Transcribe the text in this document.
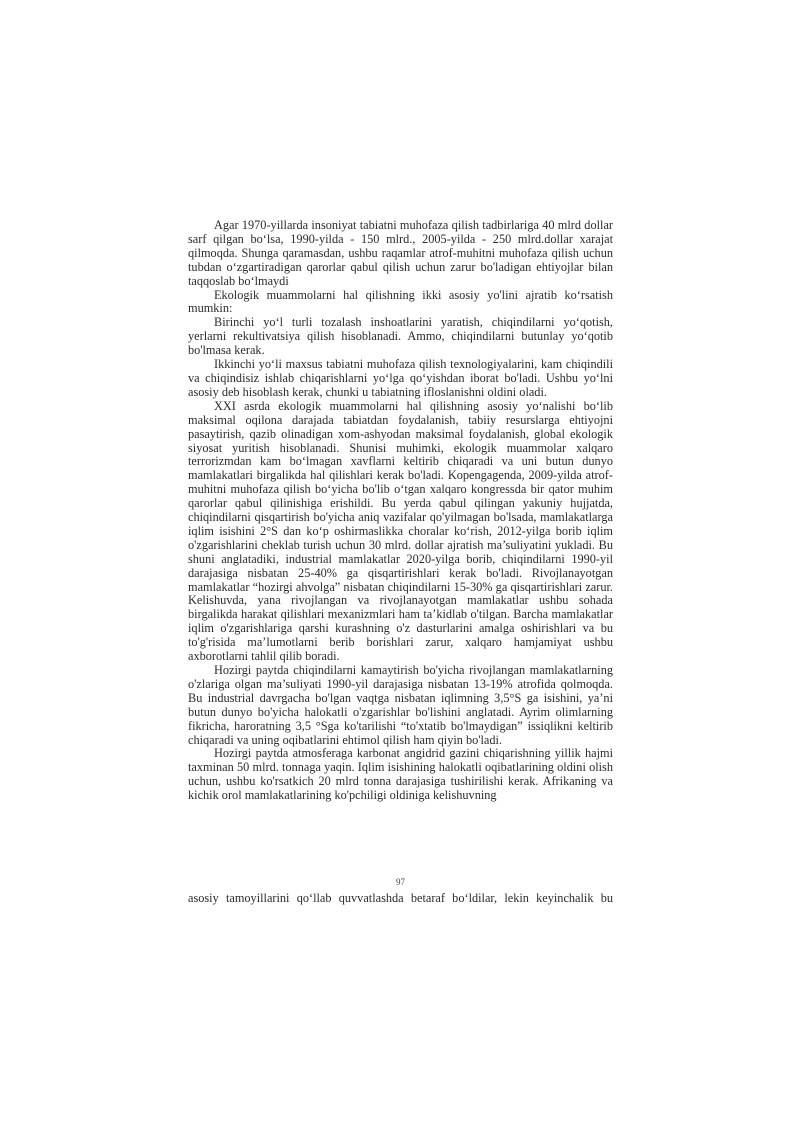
Agar 1970-yillarda insoniyat tabiatni muhofaza qilish tadbirlariga 40 mlrd dollar sarf qilgan bo‘lsa, 1990-yilda - 150 mlrd., 2005-yilda - 250 mlrd.dollar xarajat qilmoqda. Shunga qaramasdan, ushbu raqamlar atrof-muhitni muhofaza qilish uchun tubdan o‘zgartiradigan qarorlar qabul qilish uchun zarur bo'ladigan ehtiyojlar bilan taqqoslab bo‘lmaydi

Ekologik muammolarni hal qilishning ikki asosiy yo'lini ajratib ko‘rsatish mumkin:

Birinchi yo‘l turli tozalash inshoatlarini yaratish, chiqindilarni yo‘qotish, yerlarni rekultivatsiya qilish hisoblanadi. Ammo, chiqindilarni butunlay yo‘qotib bo'lmasa kerak.

Ikkinchi yo‘li maxsus tabiatni muhofaza qilish texnologiyalarini, kam chiqindili va chiqindisiz ishlab chiqarishlarni yo‘lga qo‘yishdan iborat bo'ladi. Ushbu yo‘lni asosiy deb hisoblash kerak, chunki u tabiatning ifloslanishni oldini oladi.

XXI asrda ekologik muammolarni hal qilishning asosiy yo‘nalishi bo‘lib maksimal oqilona darajada tabiatdan foydalanish, tabiiy resurslarga ehtiyojni pasaytirish, qazib olinadigan xom-ashyodan maksimal foydalanish, global ekologik siyosat yuritish hisoblanadi. Shunisi muhimki, ekologik muammolar xalqaro terrorizmdan kam bo‘lmagan xavflarni keltirib chiqaradi va uni butun dunyo mamlakatlari birgalikda hal qilishlari kerak bo'ladi. Kopengagenda, 2009-yilda atrof-muhitni muhofaza qilish bo‘yicha bo'lib o‘tgan xalqaro kongressda bir qator muhim qarorlar qabul qilinishiga erishildi. Bu yerda qabul qilingan yakuniy hujjatda, chiqindilarni qisqartirish bo'yicha aniq vazifalar qo'yilmagan bo'lsada, mamlakatlarga iqlim isishini 2°S dan ko‘p oshirmaslikka choralar ko‘rish, 2012-yilga borib iqlim o'zgarishlarini cheklab turish uchun 30 mlrd. dollar ajratish ma’suliyatini yukladi. Bu shuni anglatadiki, industrial mamlakatlar 2020-yilga borib, chiqindilarni 1990-yil darajasiga nisbatan 25-40% ga qisqartirishlari kerak bo'ladi. Rivojlanayotgan mamlakatlar “hozirgi ahvolga” nisbatan chiqindilarni 15-30% ga qisqartirishlari zarur. Kelishuvda, yana rivojlangan va rivojlanayotgan mamlakatlar ushbu sohada birgalikda harakat qilishlari mexanizmlari ham ta’kidlab o'tilgan. Barcha mamlakatlar iqlim o'zgarishlariga qarshi kurashning o'z dasturlarini amalga oshirishlari va bu to'g'risida ma’lumotlarni berib borishlari zarur, xalqaro hamjamiyat ushbu axborotlarni tahlil qilib boradi.

Hozirgi paytda chiqindilarni kamaytirish bo'yicha rivojlangan mamlakatlarning o'zlariga olgan ma’suliyati 1990-yil darajasiga nisbatan 13-19% atrofida qolmoqda. Bu industrial davrgacha bo'lgan vaqtga nisbatan iqlimning 3,5°S ga isishini, ya’ni butun dunyo bo'yicha halokatli o'zgarishlar bo'lishini anglatadi. Ayrim olimlarning fikricha, haroratning 3,5 °Sga ko'tarilishi “to'xtatib bo'lmaydigan” issiqlikni keltirib chiqaradi va uning oqibatlarini ehtimol qilish ham qiyin bo'ladi.

Hozirgi paytda atmosferaga karbonat angidrid gazini chiqarishning yillik hajmi taxminan 50 mlrd. tonnaga yaqin. Iqlim isishining halokatli oqibatlarining oldini olish uchun, ushbu ko'rsatkich 20 mlrd tonna darajasiga tushirilishi kerak. Afrikaning va kichik orol mamlakatlarining ko'pchiligi oldiniga kelishuvning

97

asosiy tamoyillarini qo‘llab quvvatlashda betaraf bo‘ldilar, lekin keyinchalik bu
